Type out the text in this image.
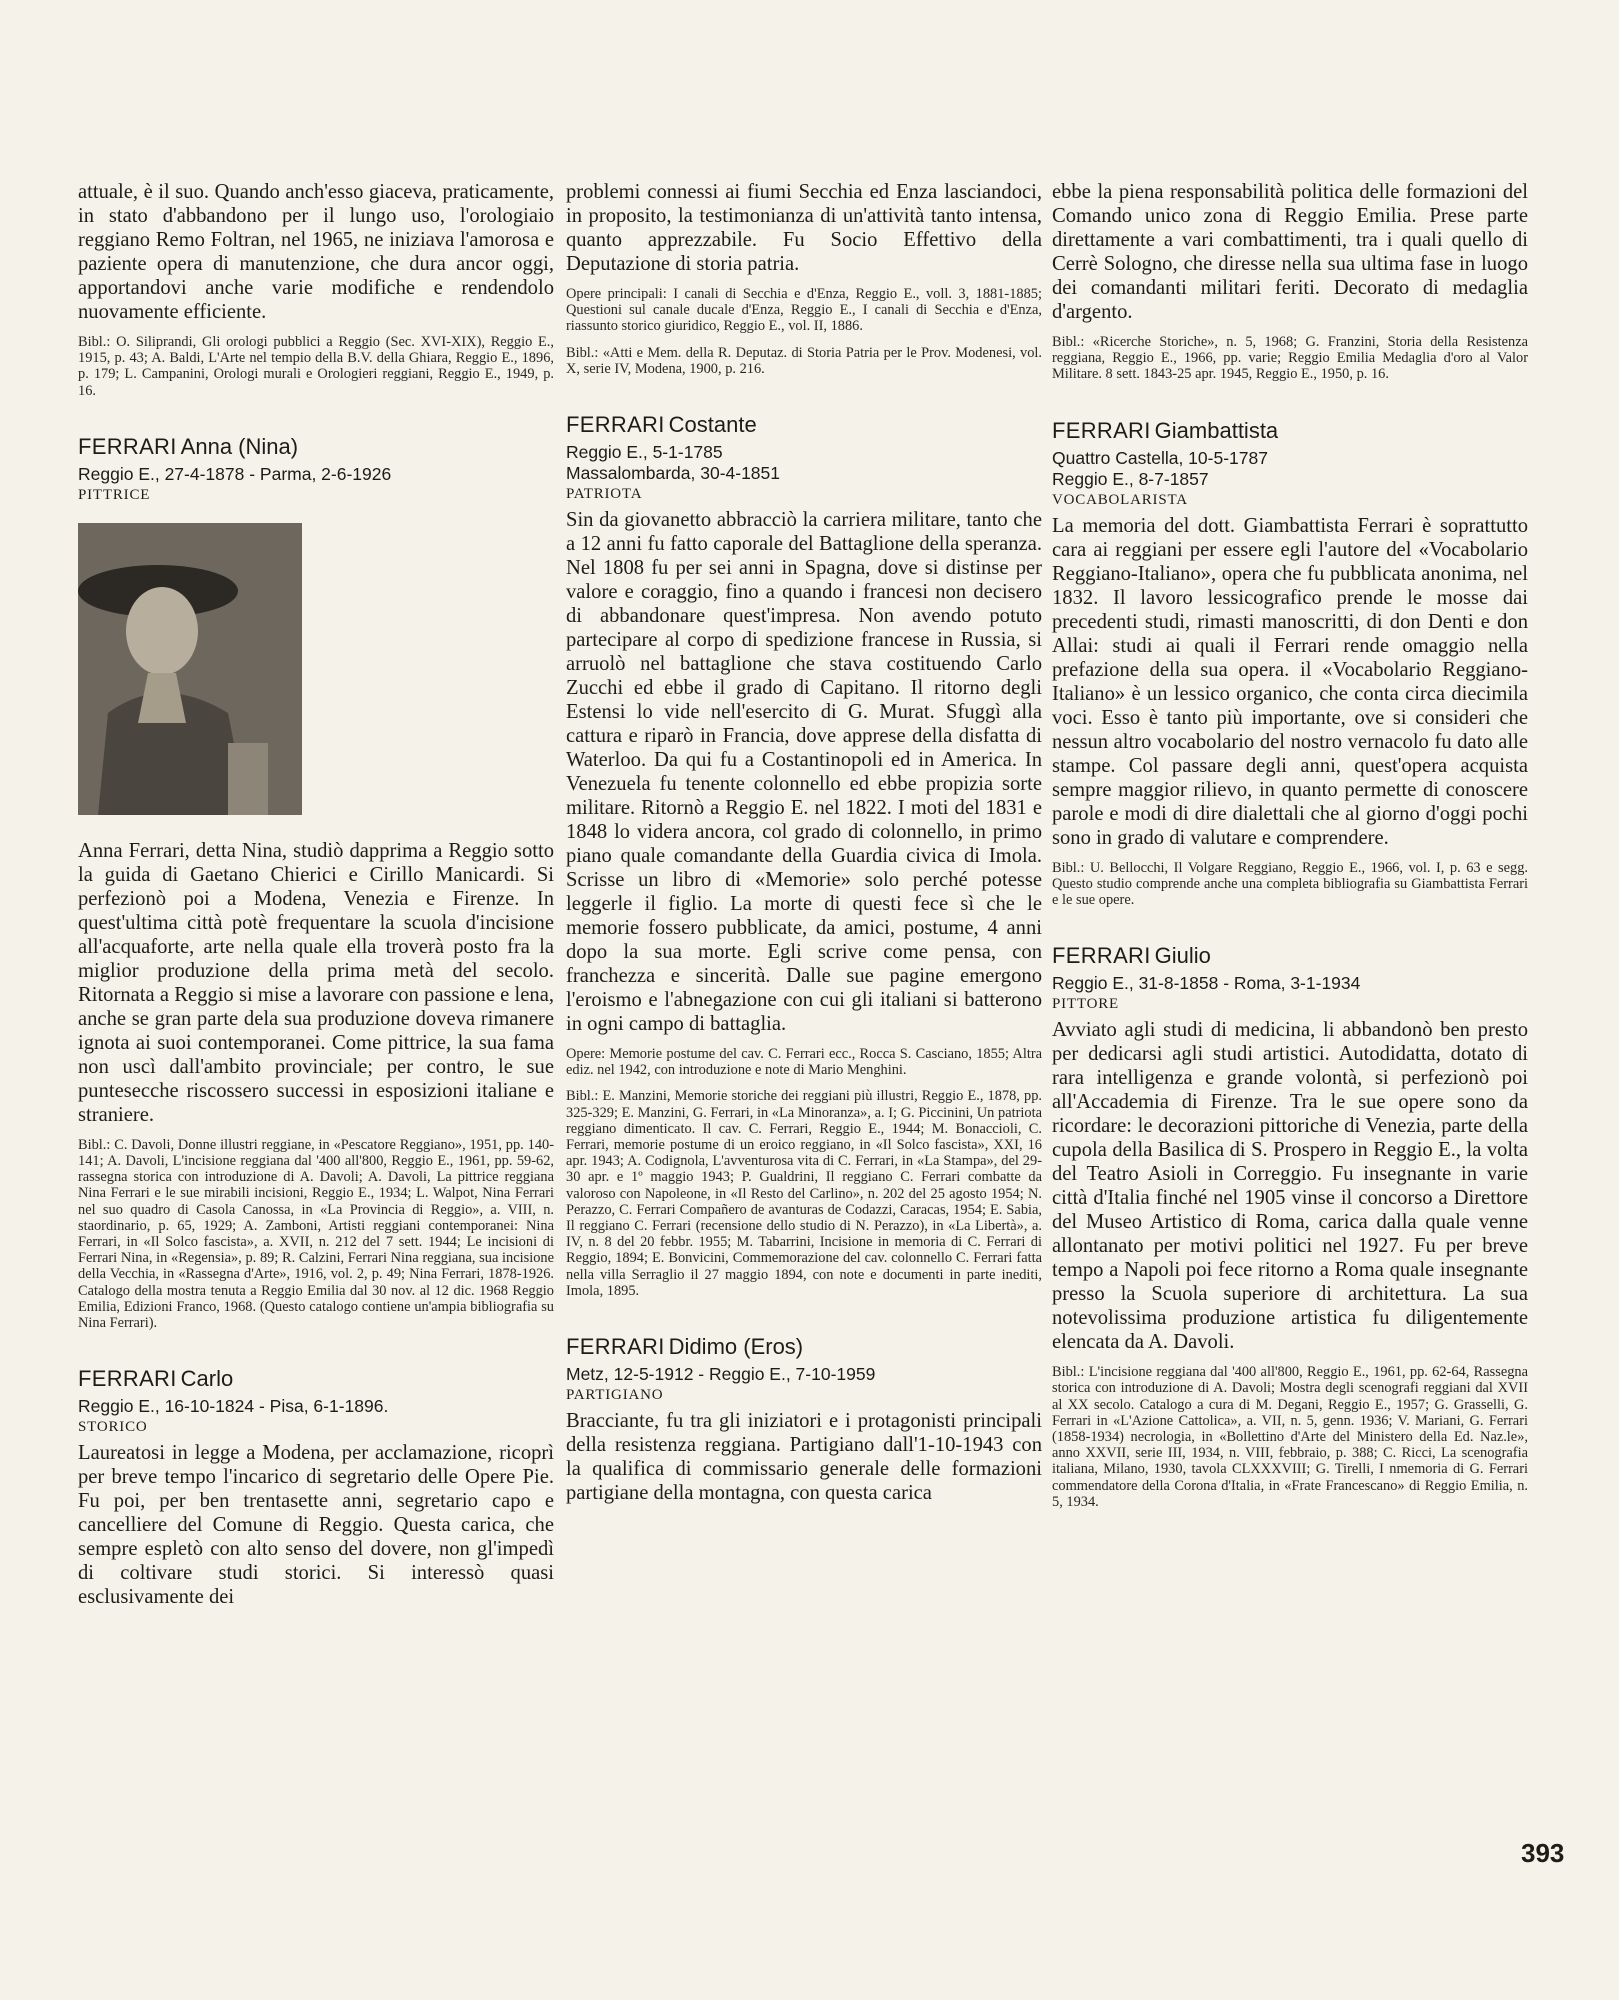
attuale, è il suo. Quando anch'esso giaceva, praticamente, in stato d'abbandono per il lungo uso, l'orologiaio reggiano Remo Foltran, nel 1965, ne iniziava l'amorosa e paziente opera di manutenzione, che dura ancor oggi, apportandovi anche varie modifiche e rendendolo nuovamente efficiente.

Bibl.: O. Siliprandi, Gli orologi pubblici a Reggio (Sec. XVI-XIX), Reggio E., 1915, p. 43; A. Baldi, L'Arte nel tempio della B.V. della Ghiara, Reggio E., 1896, p. 179; L. Campanini, Orologi murali e Orologieri reggiani, Reggio E., 1949, p. 16.

FERRARI Anna (Nina)
Reggio E., 27-4-1878 - Parma, 2-6-1926
PITTRICE

Anna Ferrari, detta Nina, studiò dapprima a Reggio sotto la guida di Gaetano Chierici e Cirillo Manicardi. Si perfezionò poi a Modena, Venezia e Firenze. In quest'ultima città potè frequentare la scuola d'incisione all'acquaforte, arte nella quale ella troverà posto fra la miglior produzione della prima metà del secolo. Ritornata a Reggio si mise a lavorare con passione e lena, anche se gran parte dela sua produzione doveva rimanere ignota ai suoi contemporanei. Come pittrice, la sua fama non uscì dall'ambito provinciale; per contro, le sue puntesecche riscossero successi in esposizioni italiane e straniere.

Bibl.: C. Davoli, Donne illustri reggiane, in «Pescatore Reggiano», 1951, pp. 140-141; A. Davoli, L'incisione reggiana dal '400 all'800, Reggio E., 1961, pp. 59-62, rassegna storica con introduzione di A. Davoli; A. Davoli, La pittrice reggiana Nina Ferrari e le sue mirabili incisioni, Reggio E., 1934; L. Walpot, Nina Ferrari nel suo quadro di Casola Canossa, in «La Provincia di Reggio», a. VIII, n. staordinario, p. 65, 1929; A. Zamboni, Artisti reggiani contemporanei: Nina Ferrari, in «Il Solco fascista», a. XVII, n. 212 del 7 sett. 1944; Le incisioni di Ferrari Nina, in «Regensia», p. 89; R. Calzini, Ferrari Nina reggiana, sua incisione della Vecchia, in «Rassegna d'Arte», 1916, vol. 2, p. 49; Nina Ferrari, 1878-1926. Catalogo della mostra tenuta a Reggio Emilia dal 30 nov. al 12 dic. 1968 Reggio Emilia, Edizioni Franco, 1968. (Questo catalogo contiene un'ampia bibliografia su Nina Ferrari).

FERRARI Carlo
Reggio E., 16-10-1824 - Pisa, 6-1-1896.
STORICO

Laureatosi in legge a Modena, per acclamazione, ricoprì per breve tempo l'incarico di segretario delle Opere Pie. Fu poi, per ben trentasette anni, segretario capo e cancelliere del Comune di Reggio. Questa carica, che sempre espletò con alto senso del dovere, non gl'impedì di coltivare studi storici. Si interessò quasi esclusivamente dei

problemi connessi ai fiumi Secchia ed Enza lasciandoci, in proposito, la testimonianza di un'attività tanto intensa, quanto apprezzabile. Fu Socio Effettivo della Deputazione di storia patria.

Opere principali: I canali di Secchia e d'Enza, Reggio E., voll. 3, 1881-1885; Questioni sul canale ducale d'Enza, Reggio E., I canali di Secchia e d'Enza, riassunto storico giuridico, Reggio E., vol. II, 1886.

Bibl.: «Atti e Mem. della R. Deputaz. di Storia Patria per le Prov. Modenesi, vol. X, serie IV, Modena, 1900, p. 216.

FERRARI Costante
Reggio E., 5-1-1785
Massalombarda, 30-4-1851
PATRIOTA

Sin da giovanetto abbracciò la carriera militare, tanto che a 12 anni fu fatto caporale del Battaglione della speranza. Nel 1808 fu per sei anni in Spagna, dove si distinse per valore e coraggio, fino a quando i francesi non decisero di abbandonare quest'impresa. Non avendo potuto partecipare al corpo di spedizione francese in Russia, si arruolò nel battaglione che stava costituendo Carlo Zucchi ed ebbe il grado di Capitano. Il ritorno degli Estensi lo vide nell'esercito di G. Murat. Sfuggì alla cattura e riparò in Francia, dove apprese della disfatta di Waterloo. Da qui fu a Costantinopoli ed in America. In Venezuela fu tenente colonnello ed ebbe propizia sorte militare. Ritornò a Reggio E. nel 1822. I moti del 1831 e 1848 lo videra ancora, col grado di colonnello, in primo piano quale comandante della Guardia civica di Imola. Scrisse un libro di «Memorie» solo perché potesse leggerle il figlio. La morte di questi fece sì che le memorie fossero pubblicate, da amici, postume, 4 anni dopo la sua morte. Egli scrive come pensa, con franchezza e sincerità. Dalle sue pagine emergono l'eroismo e l'abnegazione con cui gli italiani si batterono in ogni campo di battaglia.

Opere: Memorie postume del cav. C. Ferrari ecc., Rocca S. Casciano, 1855; Altra ediz. nel 1942, con introduzione e note di Mario Menghini.

Bibl.: E. Manzini, Memorie storiche dei reggiani più illustri, Reggio E., 1878, pp. 325-329; E. Manzini, G. Ferrari, in «La Minoranza», a. I; G. Piccinini, Un patriota reggiano dimenticato. Il cav. C. Ferrari, Reggio E., 1944; M. Bonaccioli, C. Ferrari, memorie postume di un eroico reggiano, in «Il Solco fascista», XXI, 16 apr. 1943; A. Codignola, L'avventurosa vita di C. Ferrari, in «La Stampa», del 29-30 apr. e 1º maggio 1943; P. Gualdrini, Il reggiano C. Ferrari combatte da valoroso con Napoleone, in «Il Resto del Carlino», n. 202 del 25 agosto 1954; N. Perazzo, C. Ferrari Compañero de avanturas de Codazzi, Caracas, 1954; E. Sabia, Il reggiano C. Ferrari (recensione dello studio di N. Perazzo), in «La Libertà», a. IV, n. 8 del 20 febbr. 1955; M. Tabarrini, Incisione in memoria di C. Ferrari di Reggio, 1894; E. Bonvicini, Commemorazione del cav. colonnello C. Ferrari fatta nella villa Serraglio il 27 maggio 1894, con note e documenti in parte inediti, Imola, 1895.

FERRARI Didimo (Eros)
Metz, 12-5-1912 - Reggio E., 7-10-1959
PARTIGIANO

Bracciante, fu tra gli iniziatori e i protagonisti principali della resistenza reggiana. Partigiano dall'1-10-1943 con la qualifica di commissario generale delle formazioni partigiane della montagna, con questa carica

ebbe la piena responsabilità politica delle formazioni del Comando unico zona di Reggio Emilia. Prese parte direttamente a vari combattimenti, tra i quali quello di Cerrè Sologno, che diresse nella sua ultima fase in luogo dei comandanti militari feriti. Decorato di medaglia d'argento.

Bibl.: «Ricerche Storiche», n. 5, 1968; G. Franzini, Storia della Resistenza reggiana, Reggio E., 1966, pp. varie; Reggio Emilia Medaglia d'oro al Valor Militare. 8 sett. 1843-25 apr. 1945, Reggio E., 1950, p. 16.

FERRARI Giambattista
Quattro Castella, 10-5-1787
Reggio E., 8-7-1857
VOCABOLARISTA

La memoria del dott. Giambattista Ferrari è soprattutto cara ai reggiani per essere egli l'autore del «Vocabolario Reggiano-Italiano», opera che fu pubblicata anonima, nel 1832. Il lavoro lessicografico prende le mosse dai precedenti studi, rimasti manoscritti, di don Denti e don Allai: studi ai quali il Ferrari rende omaggio nella prefazione della sua opera. il «Vocabolario Reggiano-Italiano» è un lessico organico, che conta circa diecimila voci. Esso è tanto più importante, ove si consideri che nessun altro vocabolario del nostro vernacolo fu dato alle stampe. Col passare degli anni, quest'opera acquista sempre maggior rilievo, in quanto permette di conoscere parole e modi di dire dialettali che al giorno d'oggi pochi sono in grado di valutare e comprendere.

Bibl.: U. Bellocchi, Il Volgare Reggiano, Reggio E., 1966, vol. I, p. 63 e segg. Questo studio comprende anche una completa bibliografia su Giambattista Ferrari e le sue opere.

FERRARI Giulio
Reggio E., 31-8-1858 - Roma, 3-1-1934
PITTORE

Avviato agli studi di medicina, li abbandonò ben presto per dedicarsi agli studi artistici. Autodidatta, dotato di rara intelligenza e grande volontà, si perfezionò poi all'Accademia di Firenze. Tra le sue opere sono da ricordare: le decorazioni pittoriche di Venezia, parte della cupola della Basilica di S. Prospero in Reggio E., la volta del Teatro Asioli in Correggio. Fu insegnante in varie città d'Italia finché nel 1905 vinse il concorso a Direttore del Museo Artistico di Roma, carica dalla quale venne allontanato per motivi politici nel 1927. Fu per breve tempo a Napoli poi fece ritorno a Roma quale insegnante presso la Scuola superiore di architettura. La sua notevolissima produzione artistica fu diligentemente elencata da A. Davoli.

Bibl.: L'incisione reggiana dal '400 all'800, Reggio E., 1961, pp. 62-64, Rassegna storica con introduzione di A. Davoli; Mostra degli scenografi reggiani dal XVII al XX secolo. Catalogo a cura di M. Degani, Reggio E., 1957; G. Grasselli, G. Ferrari in «L'Azione Cattolica», a. VII, n. 5, genn. 1936; V. Mariani, G. Ferrari (1858-1934) necrologia, in «Bollettino d'Arte del Ministero della Ed. Naz.le», anno XXVII, serie III, 1934, n. VIII, febbraio, p. 388; C. Ricci, La scenografia italiana, Milano, 1930, tavola CLXXXVIII; G. Tirelli, I nmemoria di G. Ferrari commendatore della Corona d'Italia, in «Frate Francescano» di Reggio Emilia, n. 5, 1934.

393
